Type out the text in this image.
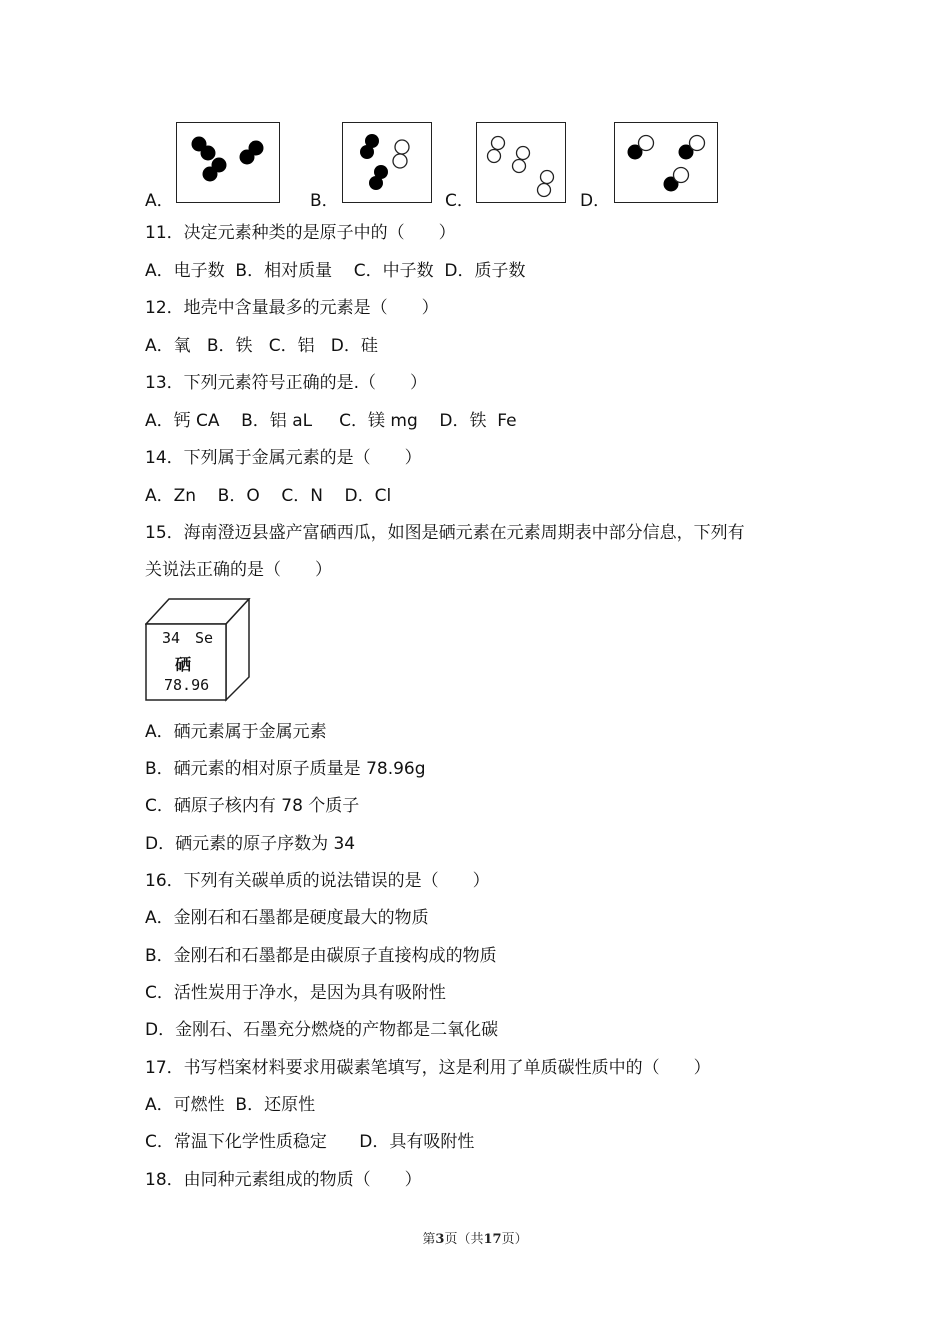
A．	B．	C．	D．
11．决定元素种类的是原子中的（　　）
A．电子数  B．相对质量    C．中子数  D．质子数
12．地壳中含量最多的元素是（　　）
A．氧   B．铁   C．铝   D．硅
13．下列元素符号正确的是.（　　）
A．钙 CA    B．铝 aL     C．镁 mg    D．铁  Fe
14．下列属于金属元素的是（　　）
A．Zn    B．O    C．N    D．Cl
15．海南澄迈县盛产富硒西瓜，如图是硒元素在元素周期表中部分信息，下列有
关说法正确的是（　　）
34 Se
硒
78.96
A．硒元素属于金属元素
B．硒元素的相对原子质量是 78.96g
C．硒原子核内有 78 个质子
D．硒元素的原子序数为 34
16．下列有关碳单质的说法错误的是（　　）
A．金刚石和石墨都是硬度最大的物质
B．金刚石和石墨都是由碳原子直接构成的物质
C．活性炭用于净水，是因为具有吸附性
D．金刚石、石墨充分燃烧的产物都是二氧化碳
17．书写档案材料要求用碳素笔填写，这是利用了单质碳性质中的（　　）
A．可燃性  B．还原性
C．常温下化学性质稳定      D．具有吸附性
18．由同种元素组成的物质（　　）
第3页（共17页）
